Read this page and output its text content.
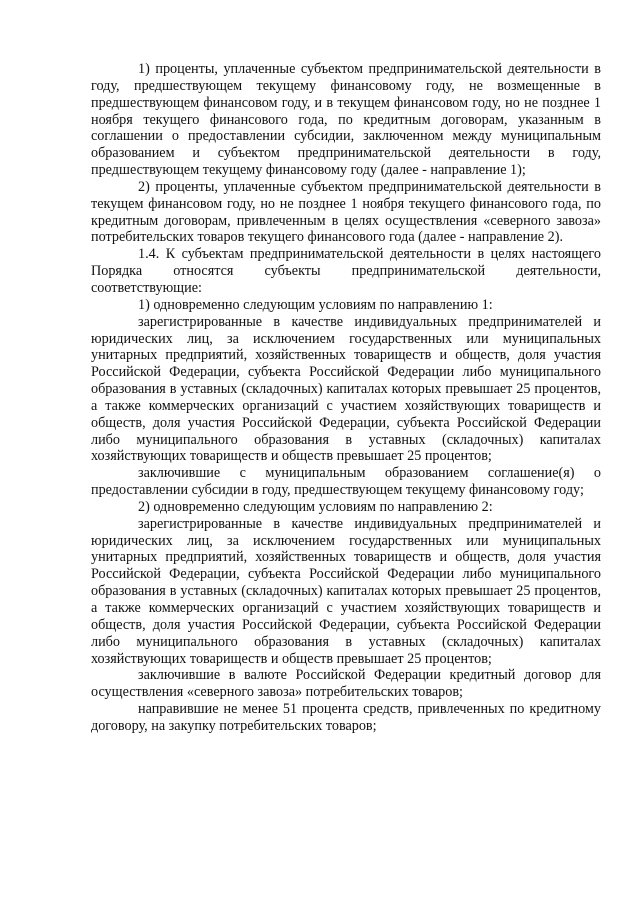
1) проценты, уплаченные субъектом предпринимательской деятельности в году, предшествующем текущему финансовому году, не возмещенные в предшествующем финансовом году, и в текущем финансовом году, но не позднее 1 ноября текущего финансового года, по кредитным договорам, указанным в соглашении о предоставлении субсидии, заключенном между муниципальным образованием и субъектом предпринимательской деятельности в году, предшествующем текущему финансовому году (далее - направление 1);

2) проценты, уплаченные субъектом предпринимательской деятельности в текущем финансовом году, но не позднее 1 ноября текущего финансового года, по кредитным договорам, привлеченным в целях осуществления «северного завоза» потребительских товаров текущего финансового года (далее - направление 2).

1.4. К субъектам предпринимательской деятельности в целях настоящего Порядка относятся субъекты предпринимательской деятельности, соответствующие:

1) одновременно следующим условиям по направлению 1:

зарегистрированные в качестве индивидуальных предпринимателей и юридических лиц, за исключением государственных или муниципальных унитарных предприятий, хозяйственных товариществ и обществ, доля участия Российской Федерации, субъекта Российской Федерации либо муниципального образования в уставных (складочных) капиталах которых превышает 25 процентов, а также коммерческих организаций с участием хозяйствующих товариществ и обществ, доля участия Российской Федерации, субъекта Российской Федерации либо муниципального образования в уставных (складочных) капиталах хозяйствующих товариществ и обществ превышает 25 процентов;

заключившие с муниципальным образованием соглашение(я) о предоставлении субсидии в году, предшествующем текущему финансовому году;

2) одновременно следующим условиям по направлению 2:

зарегистрированные в качестве индивидуальных предпринимателей и юридических лиц, за исключением государственных или муниципальных унитарных предприятий, хозяйственных товариществ и обществ, доля участия Российской Федерации, субъекта Российской Федерации либо муниципального образования в уставных (складочных) капиталах которых превышает 25 процентов, а также коммерческих организаций с участием хозяйствующих товариществ и обществ, доля участия Российской Федерации, субъекта Российской Федерации либо муниципального образования в уставных (складочных) капиталах хозяйствующих товариществ и обществ превышает 25 процентов;

заключившие в валюте Российской Федерации кредитный договор для осуществления «северного завоза» потребительских товаров;

направившие не менее 51 процента средств, привлеченных по кредитному договору, на закупку потребительских товаров;
